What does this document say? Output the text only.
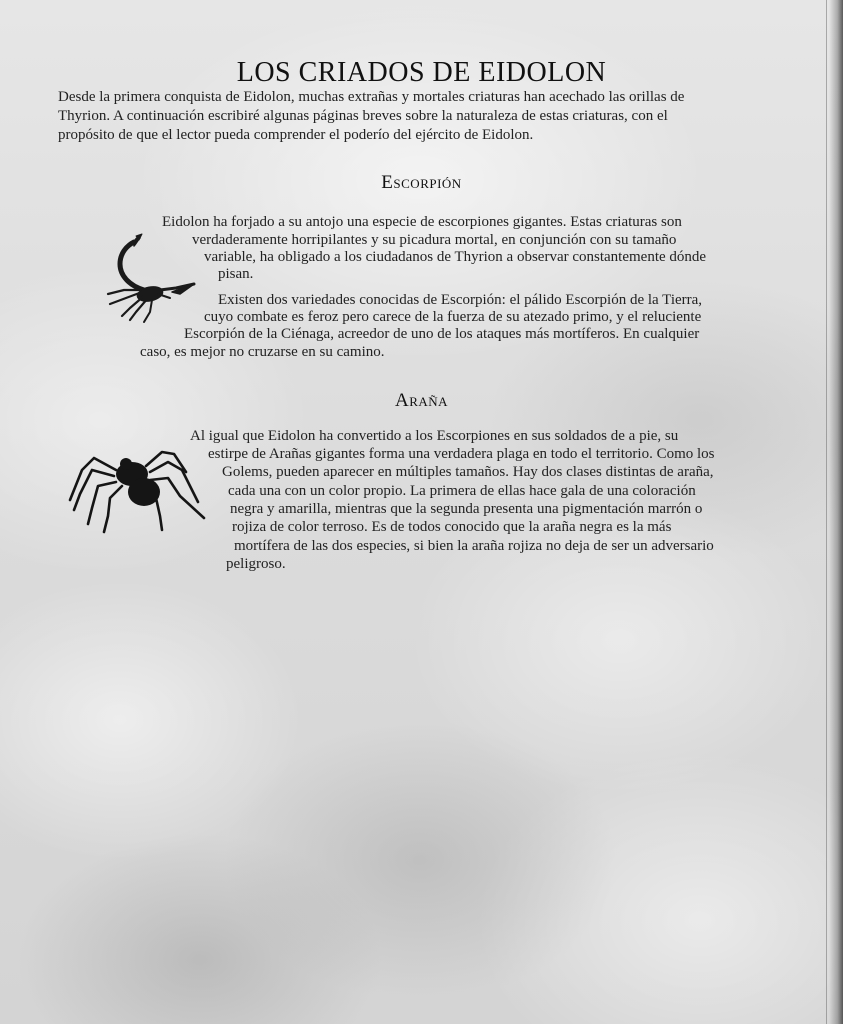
LOS CRIADOS DE EIDOLON
Desde la primera conquista de Eidolon, muchas extrañas y mortales criaturas han acechado las orillas de
Thyrion. A continuación escribiré algunas páginas breves sobre la naturaleza de estas criaturas, con el
propósito de que el lector pueda comprender el poderío del ejército de Eidolon.
Escorpión
Eidolon ha forjado a su antojo una especie de escorpiones gigantes. Estas criaturas son
verdaderamente horripilantes y su picadura mortal, en conjunción con su tamaño
variable, ha obligado a los ciudadanos de Thyrion a observar constantemente dónde
pisan.
Existen dos variedades conocidas de Escorpión: el pálido Escorpión de la Tierra,
cuyo combate es feroz pero carece de la fuerza de su atezado primo, y el reluciente
Escorpión de la Ciénaga, acreedor de uno de los ataques más mortíferos. En cualquier
caso, es mejor no cruzarse en su camino.
Araña
Al igual que Eidolon ha convertido a los Escorpiones en sus soldados de a pie, su
estirpe de Arañas gigantes forma una verdadera plaga en todo el territorio. Como los
Golems, pueden aparecer en múltiples tamaños. Hay dos clases distintas de araña,
cada una con un color propio. La primera de ellas hace gala de una coloración
negra y amarilla, mientras que la segunda presenta una pigmentación marrón o
rojiza de color terroso. Es de todos conocido que la araña negra es la más
mortífera de las dos especies, si bien la araña rojiza no deja de ser un adversario
peligroso.
